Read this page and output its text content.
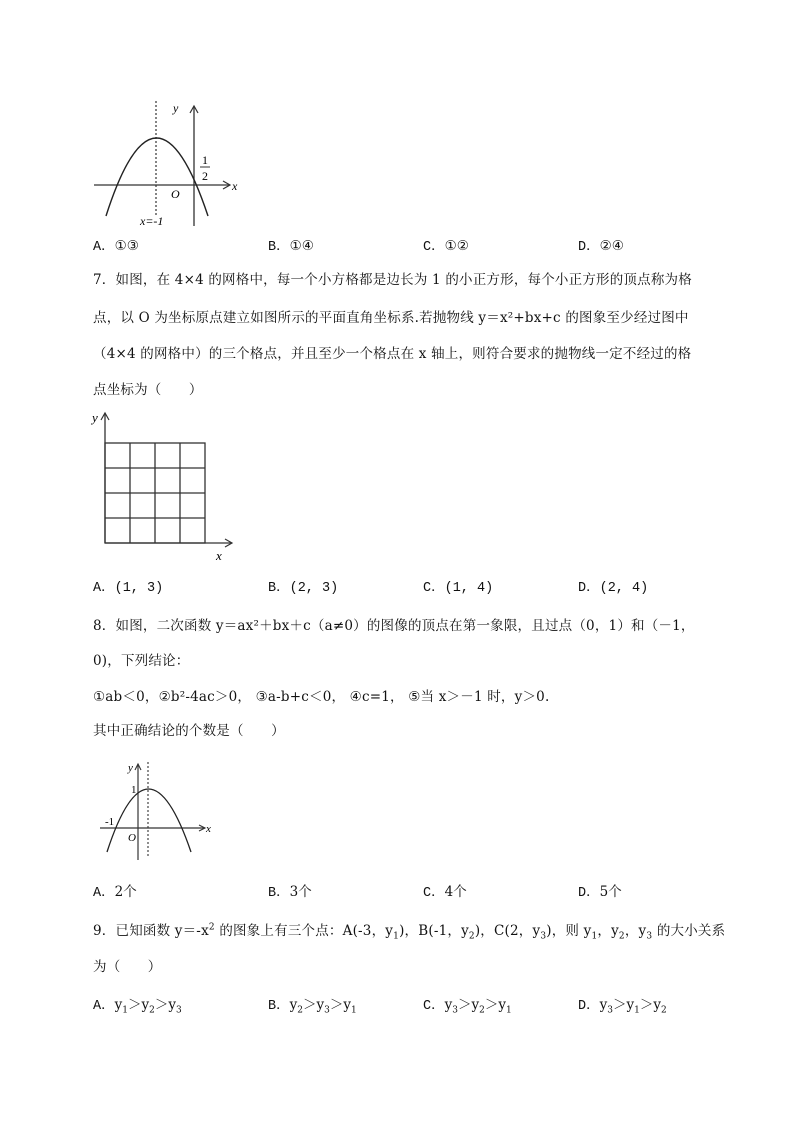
y
x
O
1
2
x=-1
A．①③	B．①④	C．①②	D．②④
7．如图，在 4×4 的网格中，每一个小方格都是边长为 1 的小正方形，每个小正方形的顶点称为格
点，以 O 为坐标原点建立如图所示的平面直角坐标系.若抛物线 y＝x²+bx+c 的图象至少经过图中
（4×4 的网格中）的三个格点，并且至少一个格点在 x 轴上，则符合要求的抛物线一定不经过的格
点坐标为（　　）
y
x
A．(1, 3)	B．(2, 3)	C．(1, 4)	D．(2, 4)
8．如图，二次函数 y＝ax²＋bx＋c（a≠0）的图像的顶点在第一象限，且过点（0，1）和（－1，
0)，下列结论：
①ab＜0，②b²-4ac＞0， ③a-b+c＜0， ④c=1， ⑤当 x＞－1 时，y＞0.
其中正确结论的个数是（　　）
y
x
O
1
-1
A．2个	B．3个	C．4个	D．5个
9．已知函数 $y=-x^2$ 的图象上有三个点：A(-3，$y_1$)，B(-1，$y_2$)，C(2，$y_3$)，则 $y_1$，$y_2$，$y_3$ 的大小关系
为（　　）
A．$y_1>y_2>y_3$	B．$y_2>y_3>y_1$	C．$y_3>y_2>y_1$	D．$y_3>y_1>y_2$
